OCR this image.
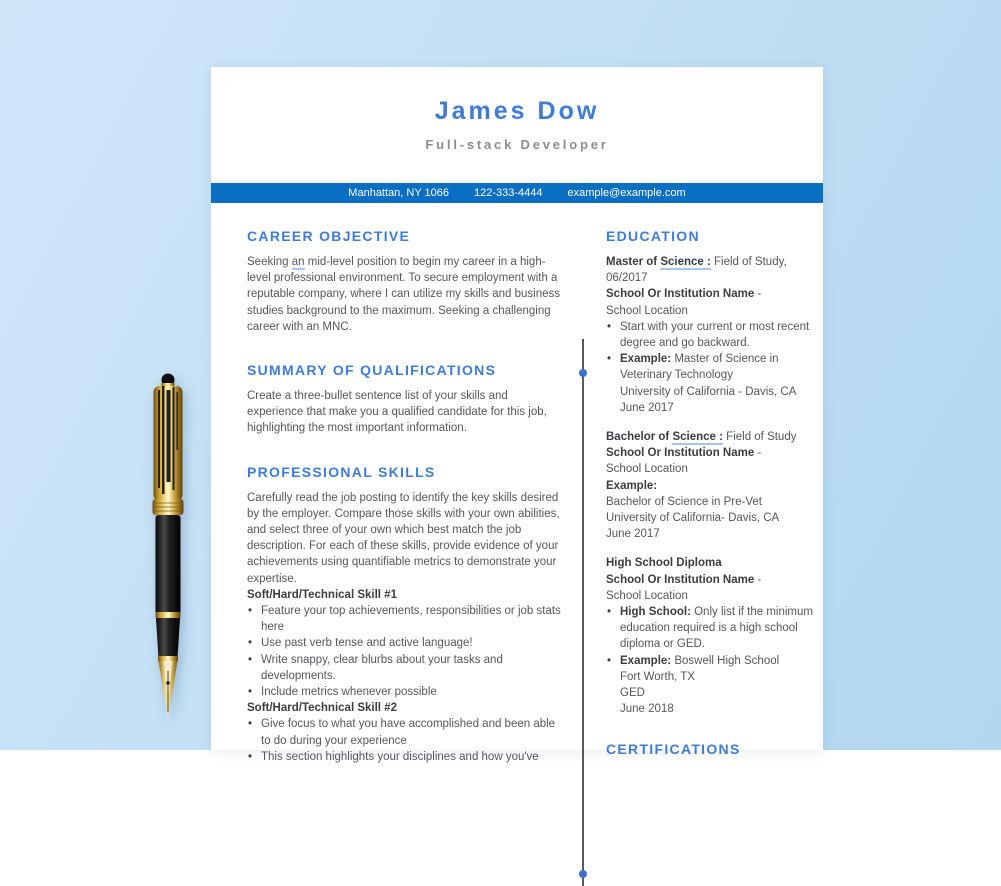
James Dow
Full-stack Developer
Manhattan, NY 1066 122-333-4444 example@example.com
CAREER OBJECTIVE

Seeking an mid-level position to begin my career in a high-level professional environment. To secure employment with a reputable company, where I can utilize my skills and business studies background to the maximum. Seeking a challenging career with an MNC.

SUMMARY OF QUALIFICATIONS

Create a three-bullet sentence list of your skills and experience that make you a qualified candidate for this job, highlighting the most important information.

PROFESSIONAL SKILLS

Carefully read the job posting to identify the key skills desired by the employer. Compare those skills with your own abilities, and select three of your own which best match the job description. For each of these skills, provide evidence of your achievements using quantifiable metrics to demonstrate your expertise.

Soft/Hard/Technical Skill #1
• Feature your top achievements, responsibilities or job stats here
• Use past verb tense and active language!
• Write snappy, clear blurbs about your tasks and developments.
• Include metrics whenever possible
Soft/Hard/Technical Skill #2
• Give focus to what you have accomplished and been able to do during your experience
• This section highlights your disciplines and how you've
EDUCATION
Master of Science : Field of Study, 06/2017
School Or Institution Name -
School Location
• Start with your current or most recent degree and go backward.
• Example: Master of Science in Veterinary Technology
University of California - Davis, CA
June 2017
Bachelor of Science : Field of Study
School Or Institution Name -
School Location
Example:
Bachelor of Science in Pre-Vet
University of California- Davis, CA
June 2017
High School Diploma
School Or Institution Name -
School Location
• High School: Only list if the minimum education required is a high school diploma or GED.
• Example: Boswell High School
Fort Worth, TX
GED
June 2018
CERTIFICATIONS
